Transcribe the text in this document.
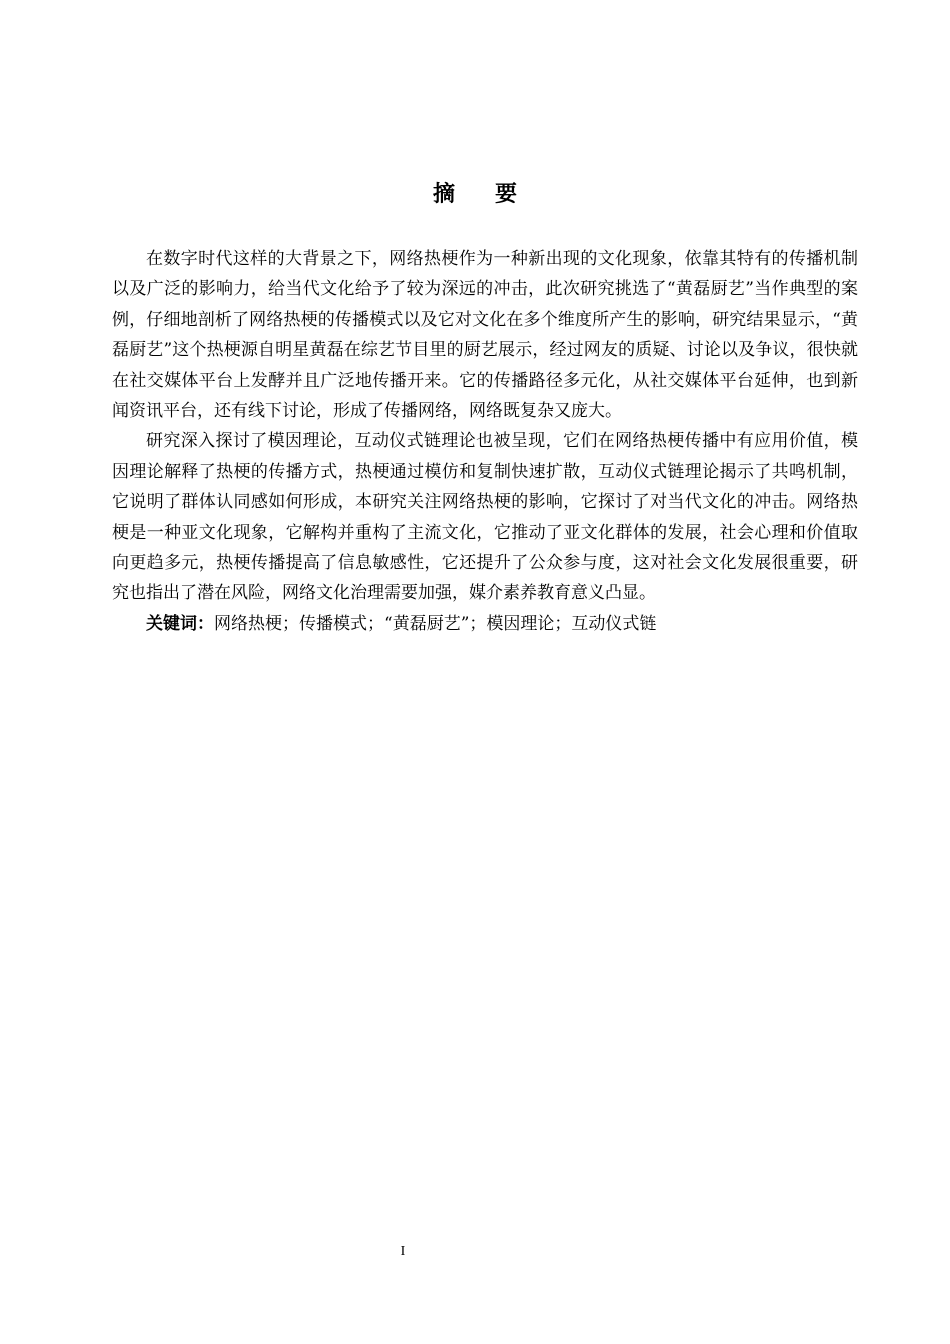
摘要

在数字时代这样的大背景之下，网络热梗作为一种新出现的文化现象，依靠其特有的传播机制以及广泛的影响力，给当代文化给予了较为深远的冲击，此次研究挑选了“黄磊厨艺”当作典型的案例，仔细地剖析了网络热梗的传播模式以及它对文化在多个维度所产生的影响，研究结果显示，“黄磊厨艺”这个热梗源自明星黄磊在综艺节目里的厨艺展示，经过网友的质疑、讨论以及争议，很快就在社交媒体平台上发酵并且广泛地传播开来。它的传播路径多元化，从社交媒体平台延伸，也到新闻资讯平台，还有线下讨论，形成了传播网络，网络既复杂又庞大。

研究深入探讨了模因理论，互动仪式链理论也被呈现，它们在网络热梗传播中有应用价值，模因理论解释了热梗的传播方式，热梗通过模仿和复制快速扩散，互动仪式链理论揭示了共鸣机制，它说明了群体认同感如何形成，本研究关注网络热梗的影响，它探讨了对当代文化的冲击。网络热梗是一种亚文化现象，它解构并重构了主流文化，它推动了亚文化群体的发展，社会心理和价值取向更趋多元，热梗传播提高了信息敏感性，它还提升了公众参与度，这对社会文化发展很重要，研究也指出了潜在风险，网络文化治理需要加强，媒介素养教育意义凸显。

关键词：网络热梗；传播模式；“黄磊厨艺”；模因理论；互动仪式链

I
